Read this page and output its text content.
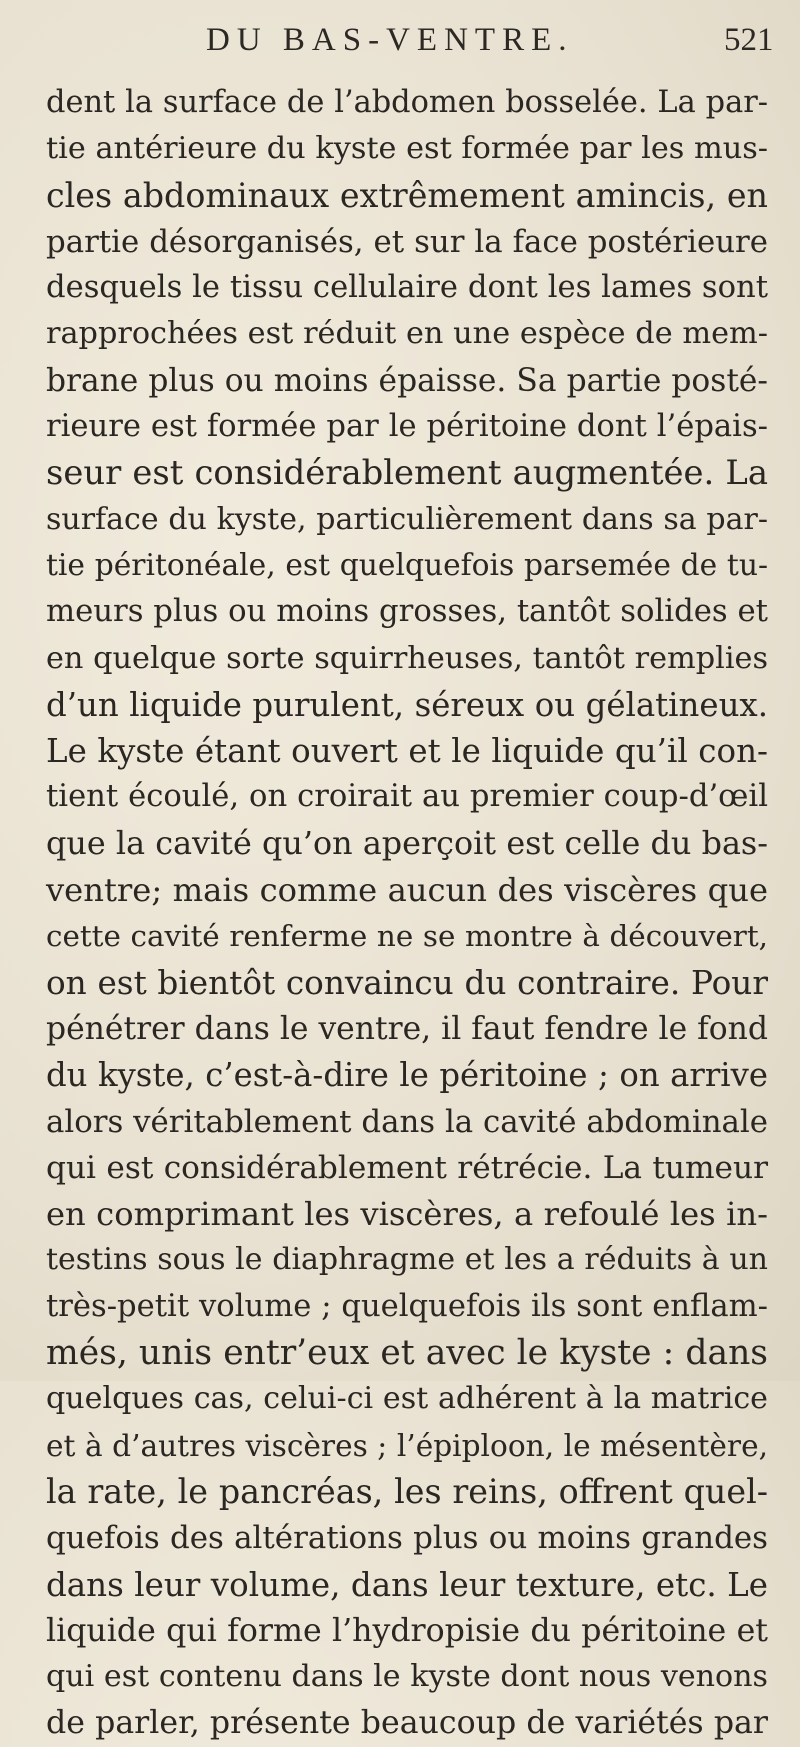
DU BAS-VENTRE.	521
dent la surface de l’abdomen bosselée. La par-
tie antérieure du kyste est formée par les mus-
cles abdominaux extrêmement amincis, en
partie désorganisés, et sur la face postérieure
desquels le tissu cellulaire dont les lames sont
rapprochées est réduit en une espèce de mem-
brane plus ou moins épaisse. Sa partie posté-
rieure est formée par le péritoine dont l’épais-
seur est considérablement augmentée. La
surface du kyste, particulièrement dans sa par-
tie péritonéale, est quelquefois parsemée de tu-
meurs plus ou moins grosses, tantôt solides et
en quelque sorte squirrheuses, tantôt remplies
d’un liquide purulent, séreux ou gélatineux.
Le kyste étant ouvert et le liquide qu’il con-
tient écoulé, on croirait au premier coup-d’œil
que la cavité qu’on aperçoit est celle du bas-
ventre; mais comme aucun des viscères que
cette cavité renferme ne se montre à découvert,
on est bientôt convaincu du contraire. Pour
pénétrer dans le ventre, il faut fendre le fond
du kyste, c’est-à-dire le péritoine ; on arrive
alors véritablement dans la cavité abdominale
qui est considérablement rétrécie. La tumeur
en comprimant les viscères, a refoulé les in-
testins sous le diaphragme et les a réduits à un
très-petit volume ; quelquefois ils sont enflam-
més, unis entr’eux et avec le kyste : dans
quelques cas, celui-ci est adhérent à la matrice
et à d’autres viscères ; l’épiploon, le mésentère,
la rate, le pancréas, les reins, offrent quel-
quefois des altérations plus ou moins grandes
dans leur volume, dans leur texture, etc. Le
liquide qui forme l’hydropisie du péritoine et
qui est contenu dans le kyste dont nous venons
de parler, présente beaucoup de variétés par
